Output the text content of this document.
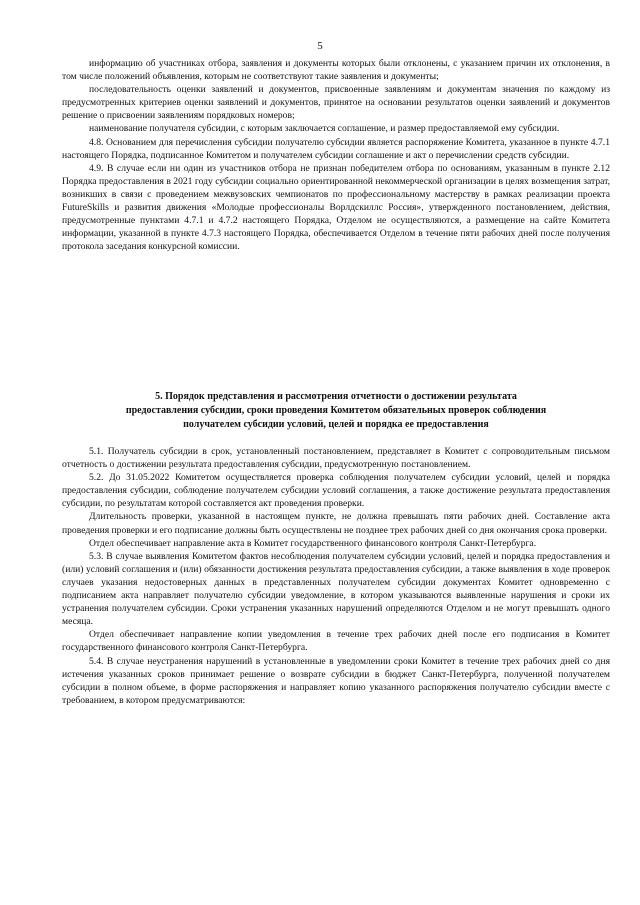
5

информацию об участниках отбора, заявления и документы которых были отклонены, с указанием причин их отклонения, в том числе положений объявления, которым не соответствуют такие заявления и документы;

последовательность оценки заявлений и документов, присвоенные заявлениям и документам значения по каждому из предусмотренных критериев оценки заявлений и документов, принятое на основании результатов оценки заявлений и документов решение о присвоении заявлениям порядковых номеров;

наименование получателя субсидии, с которым заключается соглашение, и размер предоставляемой ему субсидии.

4.8. Основанием для перечисления субсидии получателю субсидии является распоряжение Комитета, указанное в пункте 4.7.1 настоящего Порядка, подписанное Комитетом и получателем субсидии соглашение и акт о перечислении средств субсидии.

4.9. В случае если ни один из участников отбора не признан победителем отбора по основаниям, указанным в пункте 2.12 Порядка предоставления в 2021 году субсидии социально ориентированной некоммерческой организации в целях возмещения затрат, возникших в связи с проведением межвузовских чемпионатов по профессиональному мастерству в рамках реализации проекта FutureSkills и развития движения «Молодые профессионалы Ворлдскиллс Россия», утвержденного постановлением, действия, предусмотренные пунктами 4.7.1 и 4.7.2 настоящего Порядка, Отделом не осуществляются, а размещение на сайте Комитета информации, указанной в пункте 4.7.3 настоящего Порядка, обеспечивается Отделом в течение пяти рабочих дней после получения протокола заседания конкурсной комиссии.

5. Порядок представления и рассмотрения отчетности о достижении результата
предоставления субсидии, сроки проведения Комитетом обязательных проверок соблюдения
получателем субсидии условий, целей и порядка ее предоставления

5.1. Получатель субсидии в срок, установленный постановлением, представляет в Комитет с сопроводительным письмом отчетность о достижении результата предоставления субсидии, предусмотренную постановлением.

5.2. До 31.05.2022 Комитетом осуществляется проверка соблюдения получателем субсидии условий, целей и порядка предоставления субсидии, соблюдение получателем субсидии условий соглашения, а также достижение результата предоставления субсидии, по результатам которой составляется акт проведения проверки.

Длительность проверки, указанной в настоящем пункте, не должна превышать пяти рабочих дней. Составление акта проведения проверки и его подписание должны быть осуществлены не позднее трех рабочих дней со дня окончания срока проверки.

Отдел обеспечивает направление акта в Комитет государственного финансового контроля Санкт-Петербурга.

5.3. В случае выявления Комитетом фактов несоблюдения получателем субсидии условий, целей и порядка предоставления и (или) условий соглашения и (или) обязанности достижения результата предоставления субсидии, а также выявления в ходе проверок случаев указания недостоверных данных в представленных получателем субсидии документах Комитет одновременно с подписанием акта направляет получателю субсидии уведомление, в котором указываются выявленные нарушения и сроки их устранения получателем субсидии. Сроки устранения указанных нарушений определяются Отделом и не могут превышать одного месяца.

Отдел обеспечивает направление копии уведомления в течение трех рабочих дней после его подписания в Комитет государственного финансового контроля Санкт-Петербурга.

5.4. В случае неустранения нарушений в установленные в уведомлении сроки Комитет в течение трех рабочих дней со дня истечения указанных сроков принимает решение о возврате субсидии в бюджет Санкт-Петербурга, полученной получателем субсидии в полном объеме, в форме распоряжения и направляет копию указанного распоряжения получателю субсидии вместе с требованием, в котором предусматриваются:
